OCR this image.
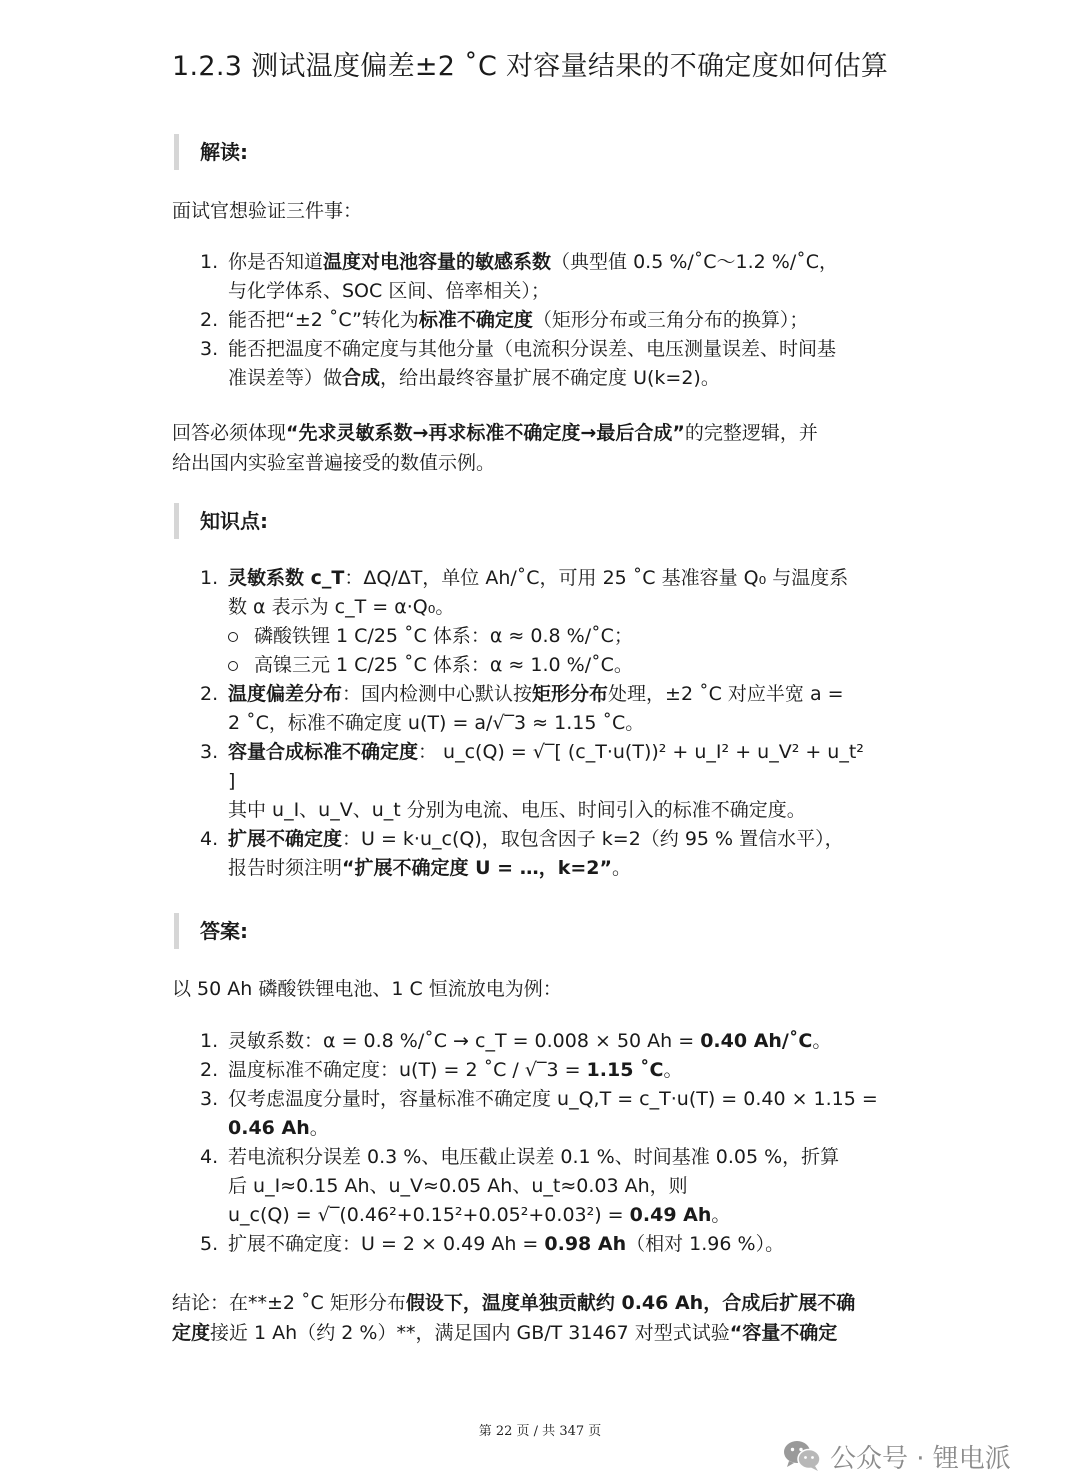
1.2.3 测试温度偏差±2 ˚C 对容量结果的不确定度如何估算
解读:
面试官想验证三件事：
1. 你是否知道温度对电池容量的敏感系数（典型值 0.5 %/˚C～1.2 %/˚C，
与化学体系、SOC 区间、倍率相关）；
2. 能否把“±2 ˚C”转化为标准不确定度（矩形分布或三角分布的换算）；
3. 能否把温度不确定度与其他分量（电流积分误差、电压测量误差、时间基
准误差等）做合成，给出最终容量扩展不确定度 U(k=2)。
回答必须体现“先求灵敏系数→再求标准不确定度→最后合成”的完整逻辑，并
给出国内实验室普遍接受的数值示例。
知识点:
1. 灵敏系数 c_T：ΔQ/ΔT，单位 Ah/˚C，可用 25 ˚C 基准容量 Q₀ 与温度系
数 α 表示为 c_T = α·Q₀。
磷酸铁锂 1 C/25 ˚C 体系：α ≈ 0.8 %/˚C；
高镍三元 1 C/25 ˚C 体系：α ≈ 1.0 %/˚C。
2. 温度偏差分布：国内检测中心默认按矩形分布处理，±2 ˚C 对应半宽 a =
2 ˚C，标准不确定度 u(T) = a/√‾3 ≈ 1.15 ˚C。
3. 容量合成标准不确定度： u_c(Q) = √‾[ (c_T·u(T))² + u_I² + u_V² + u_t²
]
其中 u_I、u_V、u_t 分别为电流、电压、时间引入的标准不确定度。
4. 扩展不确定度：U = k·u_c(Q)，取包含因子 k=2（约 95 % 置信水平），
报告时须注明“扩展不确定度 U = …，k=2”。
答案:
以 50 Ah 磷酸铁锂电池、1 C 恒流放电为例：
1. 灵敏系数：α = 0.8 %/˚C → c_T = 0.008 × 50 Ah = 0.40 Ah/˚C。
2. 温度标准不确定度：u(T) = 2 ˚C / √‾3 = 1.15 ˚C。
3. 仅考虑温度分量时，容量标准不确定度 u_Q,T = c_T·u(T) = 0.40 × 1.15 =
0.46 Ah。
4. 若电流积分误差 0.3 %、电压截止误差 0.1 %、时间基准 0.05 %，折算
后 u_I≈0.15 Ah、u_V≈0.05 Ah、u_t≈0.03 Ah，则
u_c(Q) = √‾(0.46²+0.15²+0.05²+0.03²) = 0.49 Ah。
5. 扩展不确定度：U = 2 × 0.49 Ah = 0.98 Ah（相对 1.96 %）。
结论：在**±2 ˚C 矩形分布假设下，温度单独贡献约 0.46 Ah，合成后扩展不确
定度接近 1 Ah（约 2 %）**，满足国内 GB/T 31467 对型式试验“容量不确定
第 22 页 / 共 347 页
公众号 · 锂电派
